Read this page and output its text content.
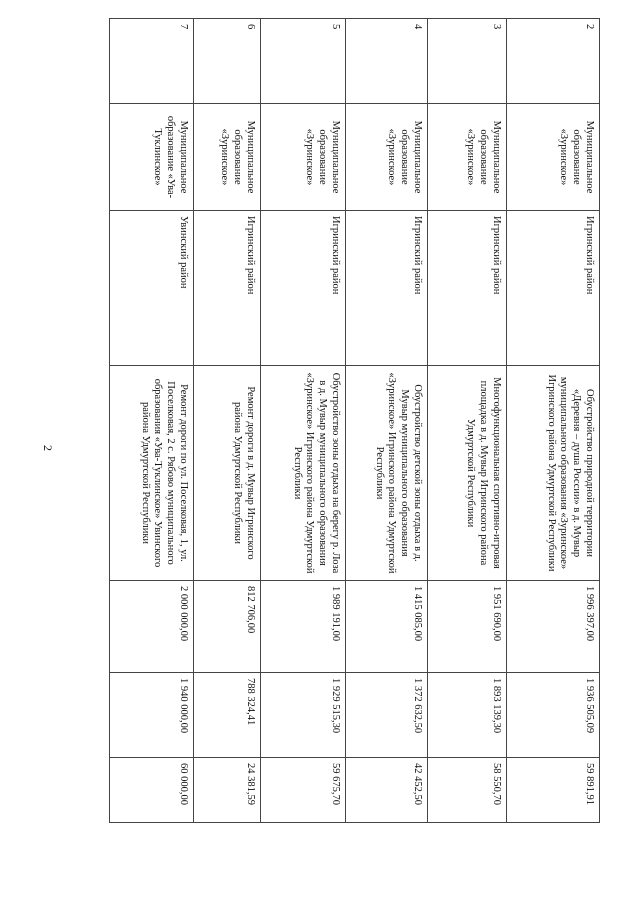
2
2	Муниципальное образование «Зуринское»	Игринский район	Обустройство природной территории «Деревня – душа России» в д. Мувыр муниципального образования «Зуринское» Игринского района Удмуртской Республики	1 996 397,00	1 936 505,09	59 891,91
3	Муниципальное образование «Зуринское»	Игринский район	Многофункциональная спортивно-игровая площадка в д. Мувыр Игринского района Удмуртской Республики	1 951 690,00	1 893 139,30	58 550,70
4	Муниципальное образование «Зуринское»	Игринский район	Обустройство детской зоны отдыха в д. Мувыр муниципального образования «Зуринское» Игринского района Удмуртской Республики	1 415 085,00	1 372 632,50	42 452,50
5	Муниципальное образование «Зуринское»	Игринский район	Обустройство зоны отдыха на берегу р. Лоза в д. Мувыр муниципального образования «Зуринское» Игринского района Удмуртской Республики	1 989 191,00	1 929 515,30	59 675,70
6	Муниципальное образование «Зуринское»	Игринский район	Ремонт дороги в д. Мувыр Игринского района Удмуртской Республики	812 706,00	788 324,41	24 381,59
7	Муниципальное образование «Ува-Туклинское»	Увинский район	Ремонт дороги по ул. Поселковая, 1, ул. Поселковая, 2 с. Рябово муниципального образования «Ува-Туклинское» Увинского района Удмуртской Республики	2 000 000,00	1 940 000,00	60 000,00
